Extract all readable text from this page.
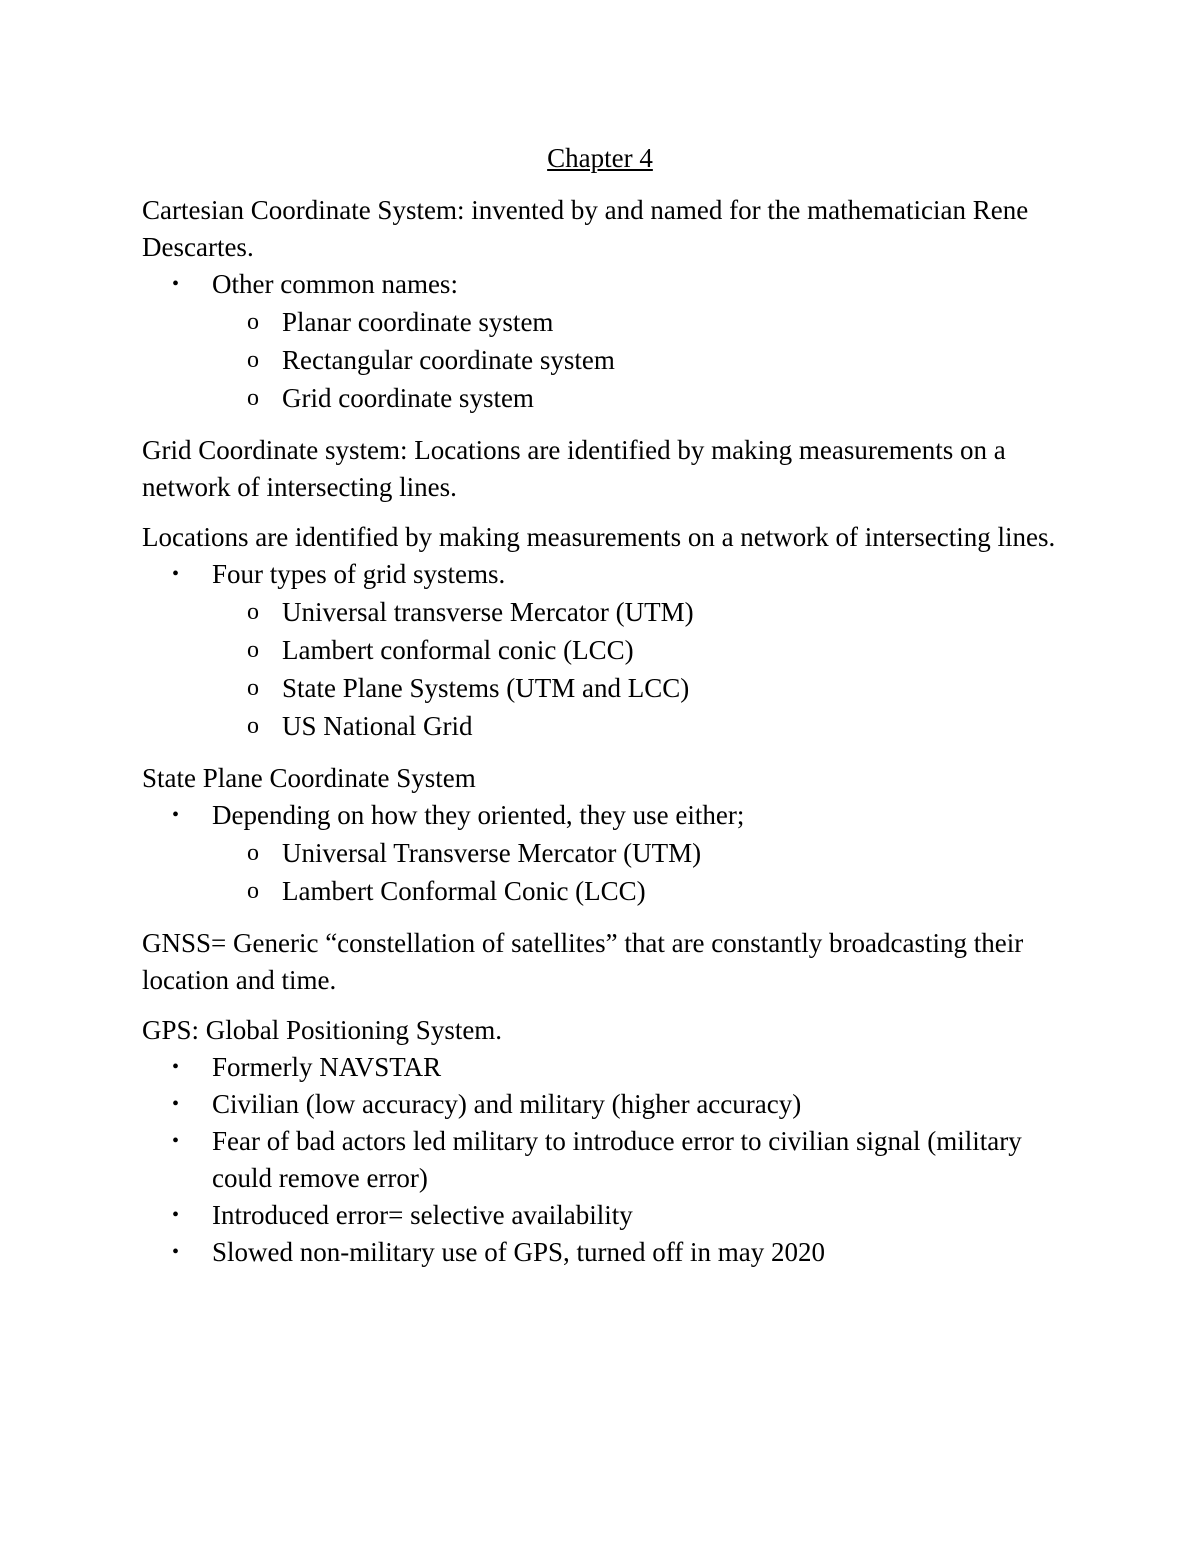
Chapter 4

Cartesian Coordinate System: invented by and named for the mathematician Rene Descartes.

• Other common names:
o Planar coordinate system
o Rectangular coordinate system
o Grid coordinate system

Grid Coordinate system: Locations are identified by making measurements on a network of intersecting lines.

Locations are identified by making measurements on a network of intersecting lines.

• Four types of grid systems.
o Universal transverse Mercator (UTM)
o Lambert conformal conic (LCC)
o State Plane Systems (UTM and LCC)
o US National Grid

State Plane Coordinate System

• Depending on how they oriented, they use either;
o Universal Transverse Mercator (UTM)
o Lambert Conformal Conic (LCC)

GNSS= Generic “constellation of satellites” that are constantly broadcasting their location and time.

GPS: Global Positioning System.

• Formerly NAVSTAR
• Civilian (low accuracy) and military (higher accuracy)
• Fear of bad actors led military to introduce error to civilian signal (military could remove error)
• Introduced error= selective availability
• Slowed non-military use of GPS, turned off in may 2020
